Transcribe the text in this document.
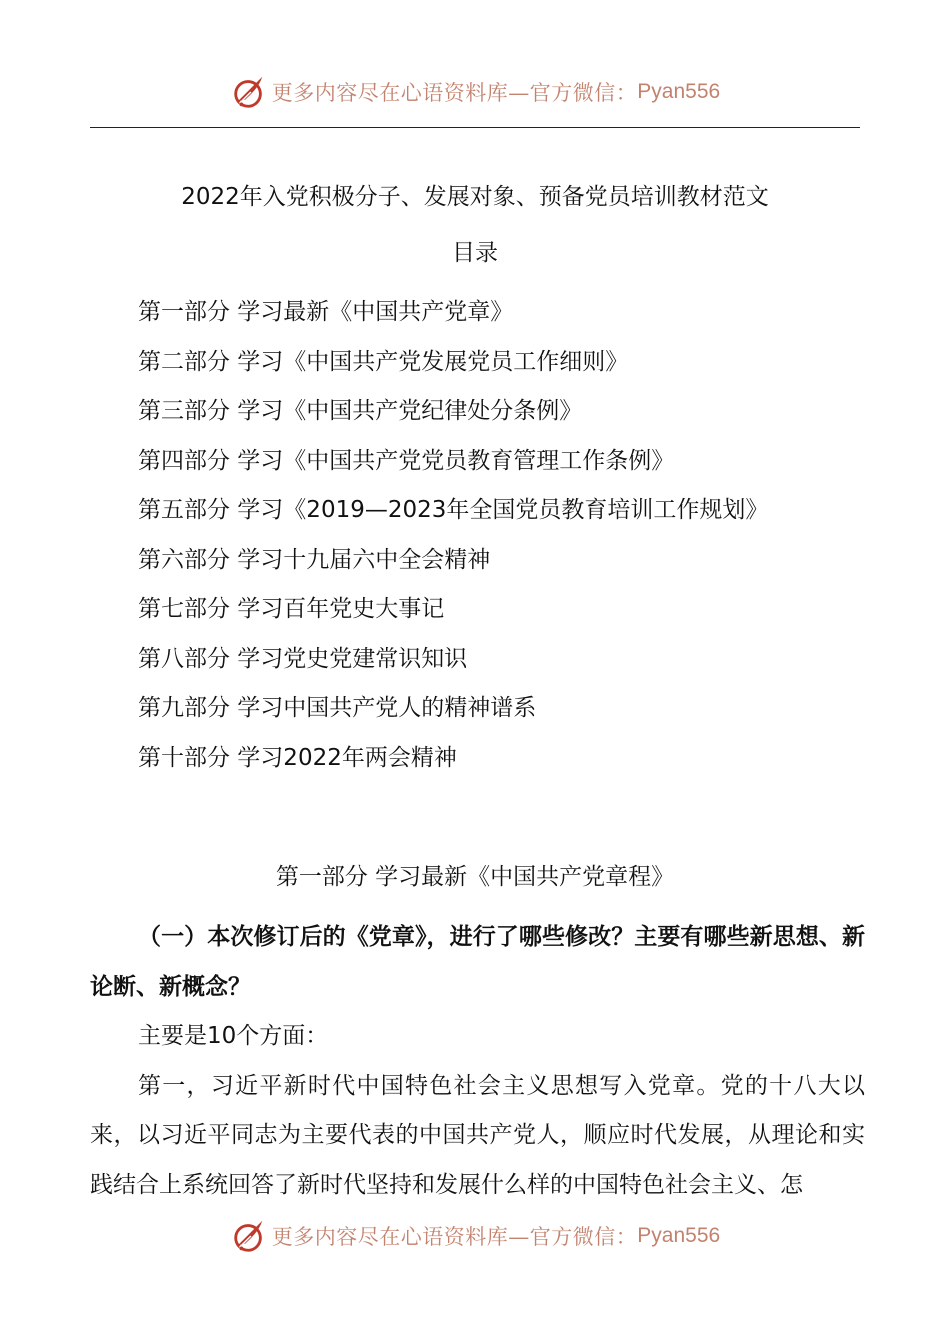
更多内容尽在心语资料库—官方微信： Pyan556
2022年入党积极分子、发展对象、预备党员培训教材范文
目录
第一部分 学习最新《中国共产党章》
第二部分 学习《中国共产党发展党员工作细则》
第三部分 学习《中国共产党纪律处分条例》
第四部分 学习《中国共产党党员教育管理工作条例》
第五部分 学习《2019—2023年全国党员教育培训工作规划》
第六部分 学习十九届六中全会精神
第七部分 学习百年党史大事记
第八部分 学习党史党建常识知识
第九部分 学习中国共产党人的精神谱系
第十部分 学习2022年两会精神
第一部分 学习最新《中国共产党章程》

（一）本次修订后的《党章》，进行了哪些修改？主要有哪些新思想、新论断、新概念？

主要是10个方面：

第一，习近平新时代中国特色社会主义思想写入党章。党的十八大以来，以习近平同志为主要代表的中国共产党人，顺应时代发展，从理论和实践结合上系统回答了新时代坚持和发展什么样的中国特色社会主义、怎

更多内容尽在心语资料库—官方微信： Pyan556
